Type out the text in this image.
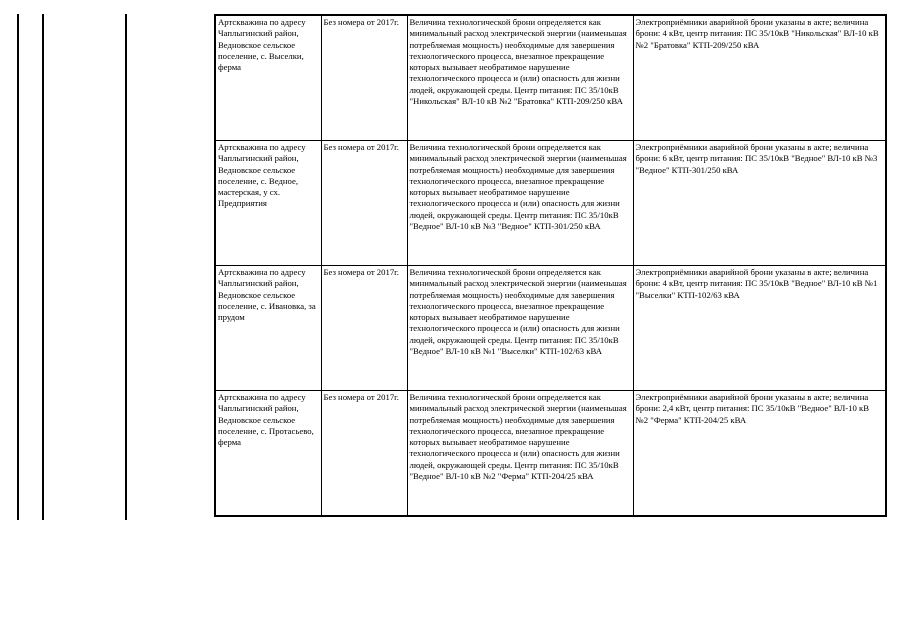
Артскважина по адресу Чаплыгинский район, Ведновское сельское поселение, с. Выселки, ферма	Без номера от 2017г.	Величина технологической брони определяется как минимальный расход электрической энергии (наименьшая потребляемая мощность) необходимые для завершения технологического процесса, внезапное прекращение которых вызывает необратимое нарушение технологического процесса и (или) опасность для жизни людей, окружающей среды. Центр питания: ПС 35/10кВ "Никольская" ВЛ-10 кВ №2 "Братовка" КТП-209/250 кВА	Электроприёмники аварийной брони указаны в акте; величина брони: 4 кВт, центр питания: ПС 35/10кВ "Никольская" ВЛ-10 кВ №2 "Братовка" КТП-209/250 кВА
Артскважина по адресу Чаплыгинский район, Ведновское сельское поселение, с. Ведное, мастерская, у сх. Предприятия	Без номера от 2017г.	Величина технологической брони определяется как минимальный расход электрической энергии (наименьшая потребляемая мощность) необходимые для завершения технологического процесса, внезапное прекращение которых вызывает необратимое нарушение технологического процесса и (или) опасность для жизни людей, окружающей среды. Центр питания: ПС 35/10кВ "Ведное" ВЛ-10 кВ №3 "Ведное" КТП-301/250 кВА	Электроприёмники аварийной брони указаны в акте; величина брони: 6 кВт, центр питания: ПС 35/10кВ "Ведное" ВЛ-10 кВ №3 "Ведное" КТП-301/250 кВА
Артскважина по адресу Чаплыгинский район, Ведновское сельское поселение, с. Ивановка, за прудом	Без номера от 2017г.	Величина технологической брони определяется как минимальный расход электрической энергии (наименьшая потребляемая мощность) необходимые для завершения технологического процесса, внезапное прекращение которых вызывает необратимое нарушение технологического процесса и (или) опасность для жизни людей, окружающей среды. Центр питания: ПС 35/10кВ "Ведное" ВЛ-10 кВ №1 "Выселки" КТП-102/63 кВА	Электроприёмники аварийной брони указаны в акте; величина брони: 4 кВт, центр питания: ПС 35/10кВ "Ведное" ВЛ-10 кВ №1 "Выселки" КТП-102/63 кВА
Артскважина по адресу Чаплыгинский район, Ведновское сельское поселение, с. Протасьево, ферма	Без номера от 2017г.	Величина технологической брони определяется как минимальный расход электрической энергии (наименьшая потребляемая мощность) необходимые для завершения технологического процесса, внезапное прекращение которых вызывает необратимое нарушение технологического процесса и (или) опасность для жизни людей, окружающей среды. Центр питания: ПС 35/10кВ "Ведное" ВЛ-10 кВ №2 "Ферма" КТП-204/25 кВА	Электроприёмники аварийной брони указаны в акте; величина брони: 2,4 кВт, центр питания: ПС 35/10кВ "Ведное" ВЛ-10 кВ №2 "Ферма" КТП-204/25 кВА
